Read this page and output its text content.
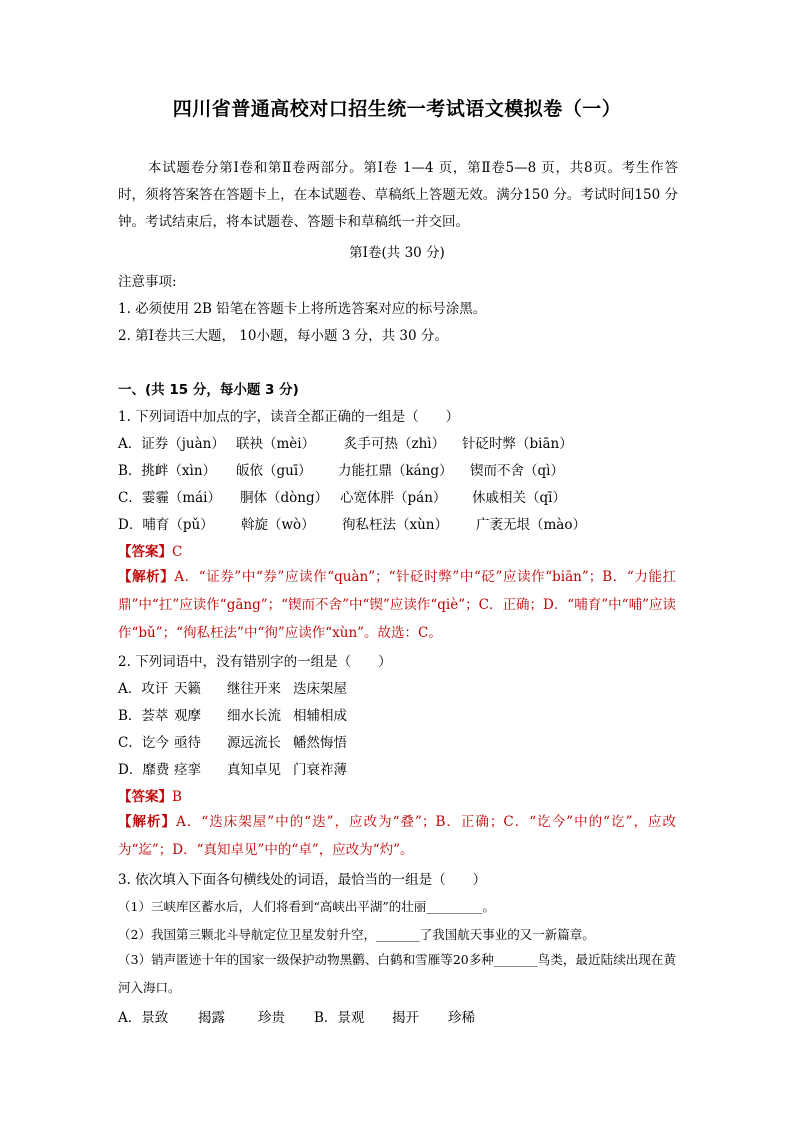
四川省普通高校对口招生统一考试语文模拟卷（一）
本试题卷分第Ⅰ卷和第Ⅱ卷两部分。第Ⅰ卷 1—4 页，第Ⅱ卷5—8 页，共8页。考生作答时，须将答案答在答题卡上，在本试题卷、草稿纸上答题无效。满分150 分。考试时间150 分钟。考试结束后，将本试题卷、答题卡和草稿纸一并交回。
第Ⅰ卷(共 30 分)
注意事项:
1. 必须使用 2B 铅笔在答题卡上将所选答案对应的标号涂黑。
2. 第Ⅰ卷共三大题， 10小题，每小题 3 分，共 30 分。
一、(共 15 分，每小题 3 分)
1. 下列词语中加点的字，读音全都正确的一组是（　　）
A．证券（juàn） 联袂（mèi） 炙手可热（zhì） 针砭时弊（biān）
B．挑衅（xìn） 皈依（guī） 力能扛鼎（káng） 锲而不舍（qì）
C．霎霾（mái） 胴体（dòng） 心宽体胖（pán） 休戚相关（qī）
D．哺育（pǔ） 斡旋（wò） 徇私枉法（xùn） 广袤无垠（mào）
【答案】C
【解析】A．“证券”中“券”应读作“quàn”；“针砭时弊”中“砭”应读作“biān”；B．“力能扛鼎”中“扛”应读作“gāng”；“锲而不舍”中“锲”应读作“qiè”；C．正确；D．“哺育”中“哺”应读作“bǔ”；“徇私枉法”中“徇”应读作“xùn”。故选：C。
2. 下列词语中，没有错别字的一组是（　　）
A．攻讦 天籁 继往开来 迭床架屋
B．荟萃 观摩 细水长流 相辅相成
C．讫今 亟待 源远流长 幡然悔悟
D．靡费 痉挛 真知卓见 门衰祚薄
【答案】B
【解析】A．“迭床架屋”中的“迭”，应改为“叠”；B．正确；C．“讫今”中的“讫”，应改为“迄”；D．“真知卓见”中的“卓”，应改为“灼”。
3. 依次填入下面各句横线处的词语，最恰当的一组是（　　）
（1）三峡库区蓄水后，人们将看到“高峡出平湖”的壮丽_________。
（2）我国第三颗北斗导航定位卫星发射升空，_______了我国航天事业的又一新篇章。
（3）销声匿迹十年的国家一级保护动物黑鹳、白鹤和雪雁等20多种_______鸟类，最近陆续出现在黄河入海口。
A．景致 揭露 珍贵 B．景观 揭开 珍稀
